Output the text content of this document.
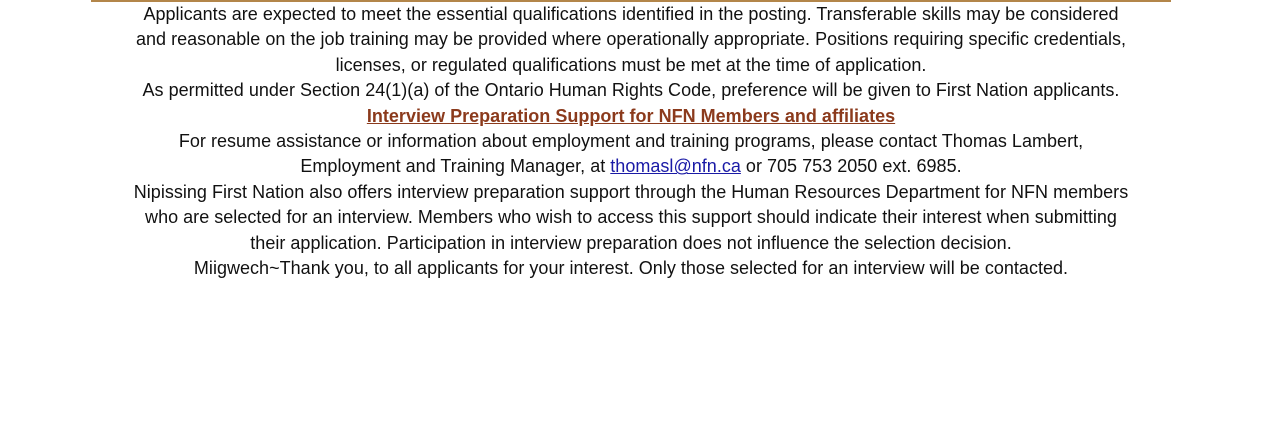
Applicants are expected to meet the essential qualifications identified in the posting. Transferable skills may be considered

and reasonable on the job training may be provided where operationally appropriate. Positions requiring specific credentials,

licenses, or regulated qualifications must be met at the time of application.

As permitted under Section 24(1)(a) of the Ontario Human Rights Code, preference will be given to First Nation applicants.

Interview Preparation Support for NFN Members and affiliates

For resume assistance or information about employment and training programs, please contact Thomas Lambert,

Employment and Training Manager, at thomasl@nfn.ca or 705 753 2050 ext. 6985.

Nipissing First Nation also offers interview preparation support through the Human Resources Department for NFN members

who are selected for an interview. Members who wish to access this support should indicate their interest when submitting

their application. Participation in interview preparation does not influence the selection decision.

Miigwech~Thank you, to all applicants for your interest. Only those selected for an interview will be contacted.
